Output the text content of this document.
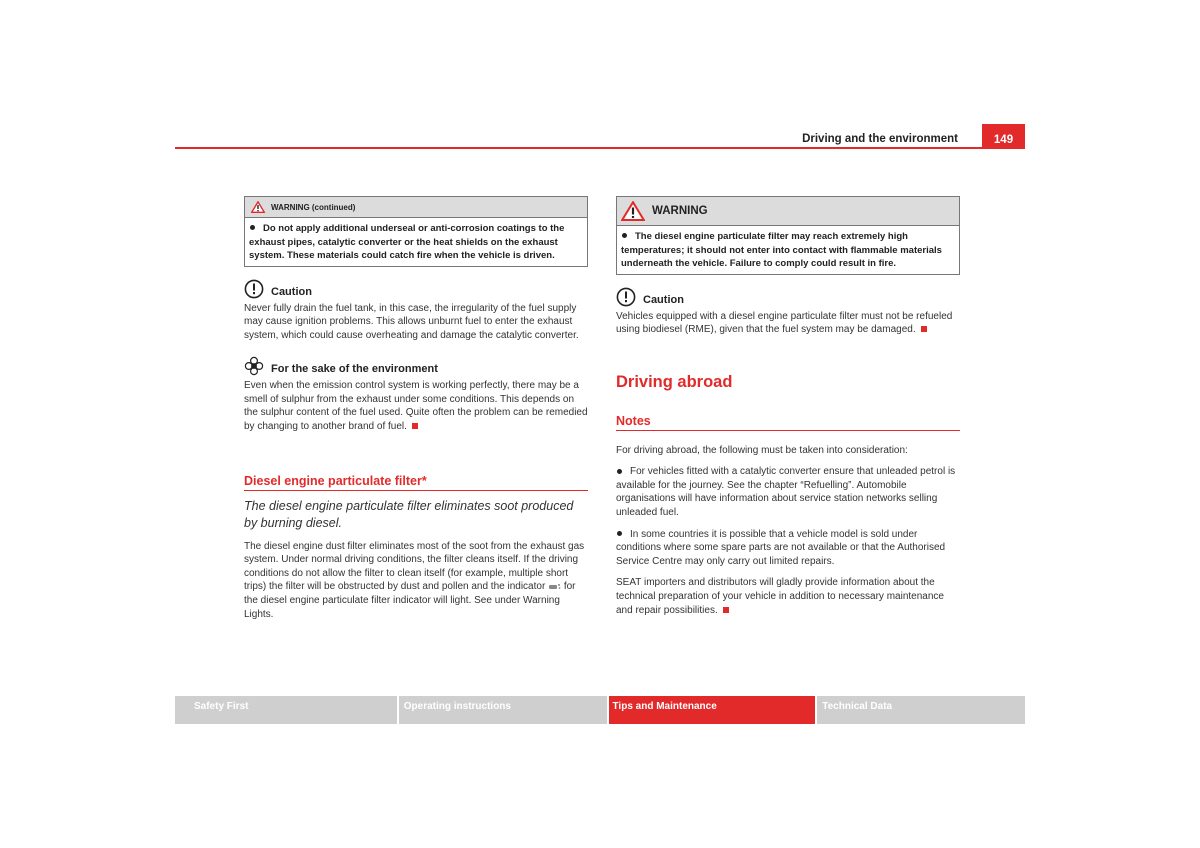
Driving and the environment	149
WARNING (continued)
Do not apply additional underseal or anti-corrosion coatings to the exhaust pipes, catalytic converter or the heat shields on the exhaust system. These materials could catch fire when the vehicle is driven.
Caution

Never fully drain the fuel tank, in this case, the irregularity of the fuel supply may cause ignition problems. This allows unburnt fuel to enter the exhaust system, which could cause overheating and damage the catalytic converter.

For the sake of the environment

Even when the emission control system is working perfectly, there may be a smell of sulphur from the exhaust under some conditions. This depends on the sulphur content of the fuel used. Quite often the problem can be remedied by changing to another brand of fuel.

Diesel engine particulate filter*
The diesel engine particulate filter eliminates soot produced by burning diesel.

The diesel engine dust filter eliminates most of the soot from the exhaust gas system. Under normal driving conditions, the filter cleans itself. If the driving conditions do not allow the filter to clean itself (for example, multiple short trips) the filter will be obstructed by dust and pollen and the indicator for the diesel engine particulate filter indicator will light. See under Warning Lights.

WARNING
The diesel engine particulate filter may reach extremely high temperatures; it should not enter into contact with flammable materials underneath the vehicle. Failure to comply could result in fire.
Caution

Vehicles equipped with a diesel engine particulate filter must not be refueled using biodiesel (RME), given that the fuel system may be damaged.

Driving abroad
Notes

For driving abroad, the following must be taken into consideration:

For vehicles fitted with a catalytic converter ensure that unleaded petrol is available for the journey. See the chapter “Refuelling”. Automobile organisations will have information about service station networks selling unleaded fuel.

In some countries it is possible that a vehicle model is sold under conditions where some spare parts are not available or that the Authorised Service Centre may only carry out limited repairs.

SEAT importers and distributors will gladly provide information about the technical preparation of your vehicle in addition to necessary maintenance and repair possibilities.

Safety First	Operating instructions	Tips and Maintenance	Technical Data
